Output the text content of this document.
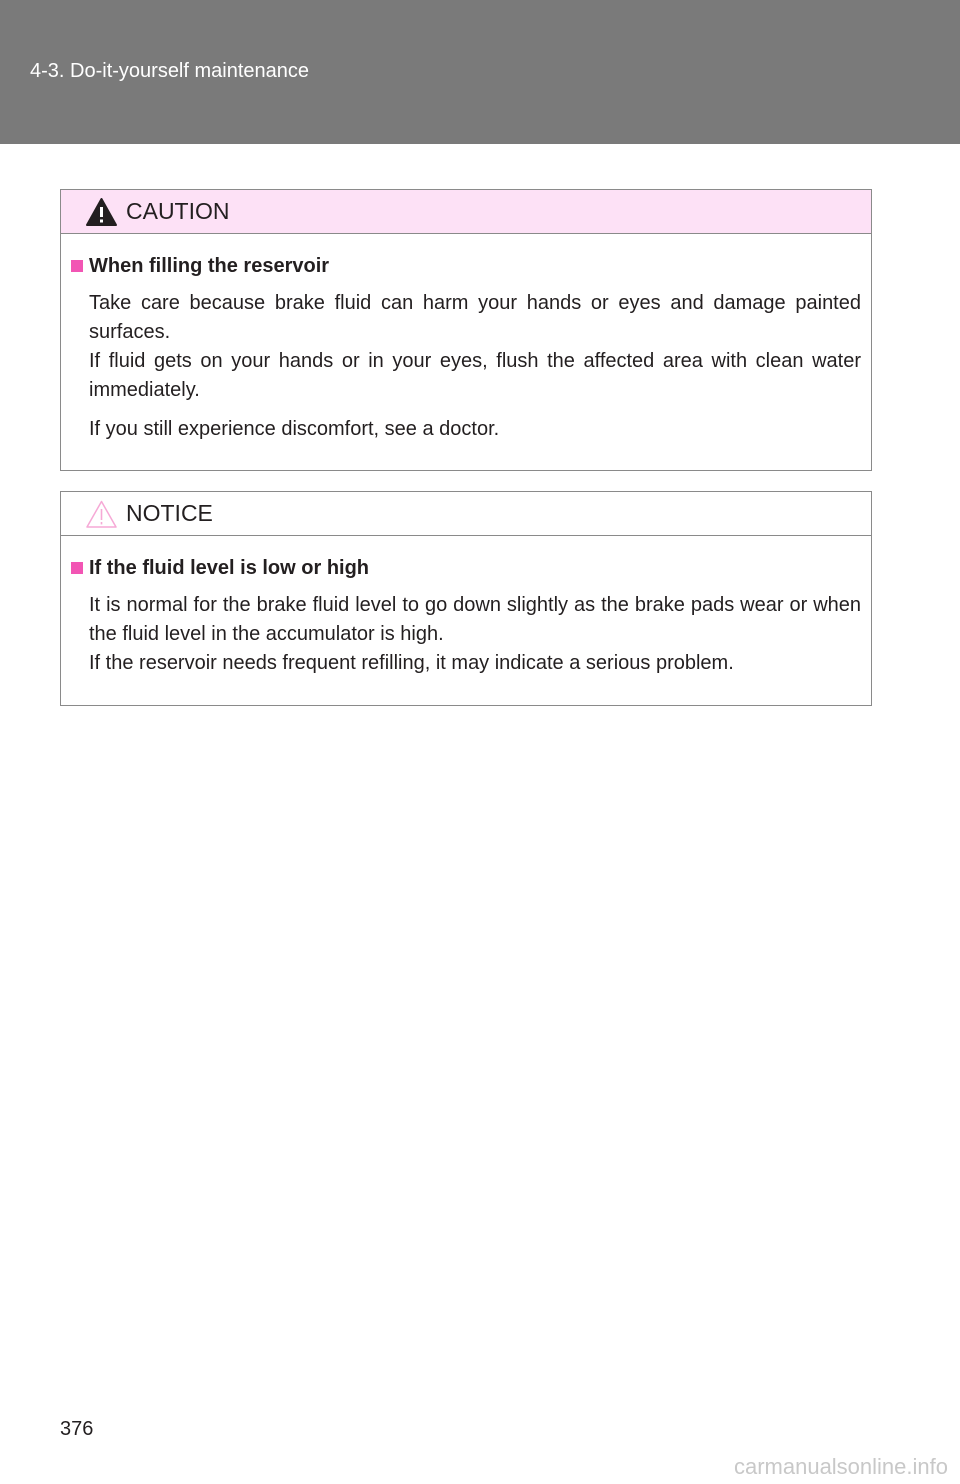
4-3. Do-it-yourself maintenance
CAUTION
When filling the reservoir

Take care because brake fluid can harm your hands or eyes and damage painted surfaces.

If fluid gets on your hands or in your eyes, flush the affected area with clean water immediately.

If you still experience discomfort, see a doctor.

NOTICE
If the fluid level is low or high

It is normal for the brake fluid level to go down slightly as the brake pads wear or when the fluid level in the accumulator is high.

If the reservoir needs frequent refilling, it may indicate a serious problem.

376
carmanualsonline.info
